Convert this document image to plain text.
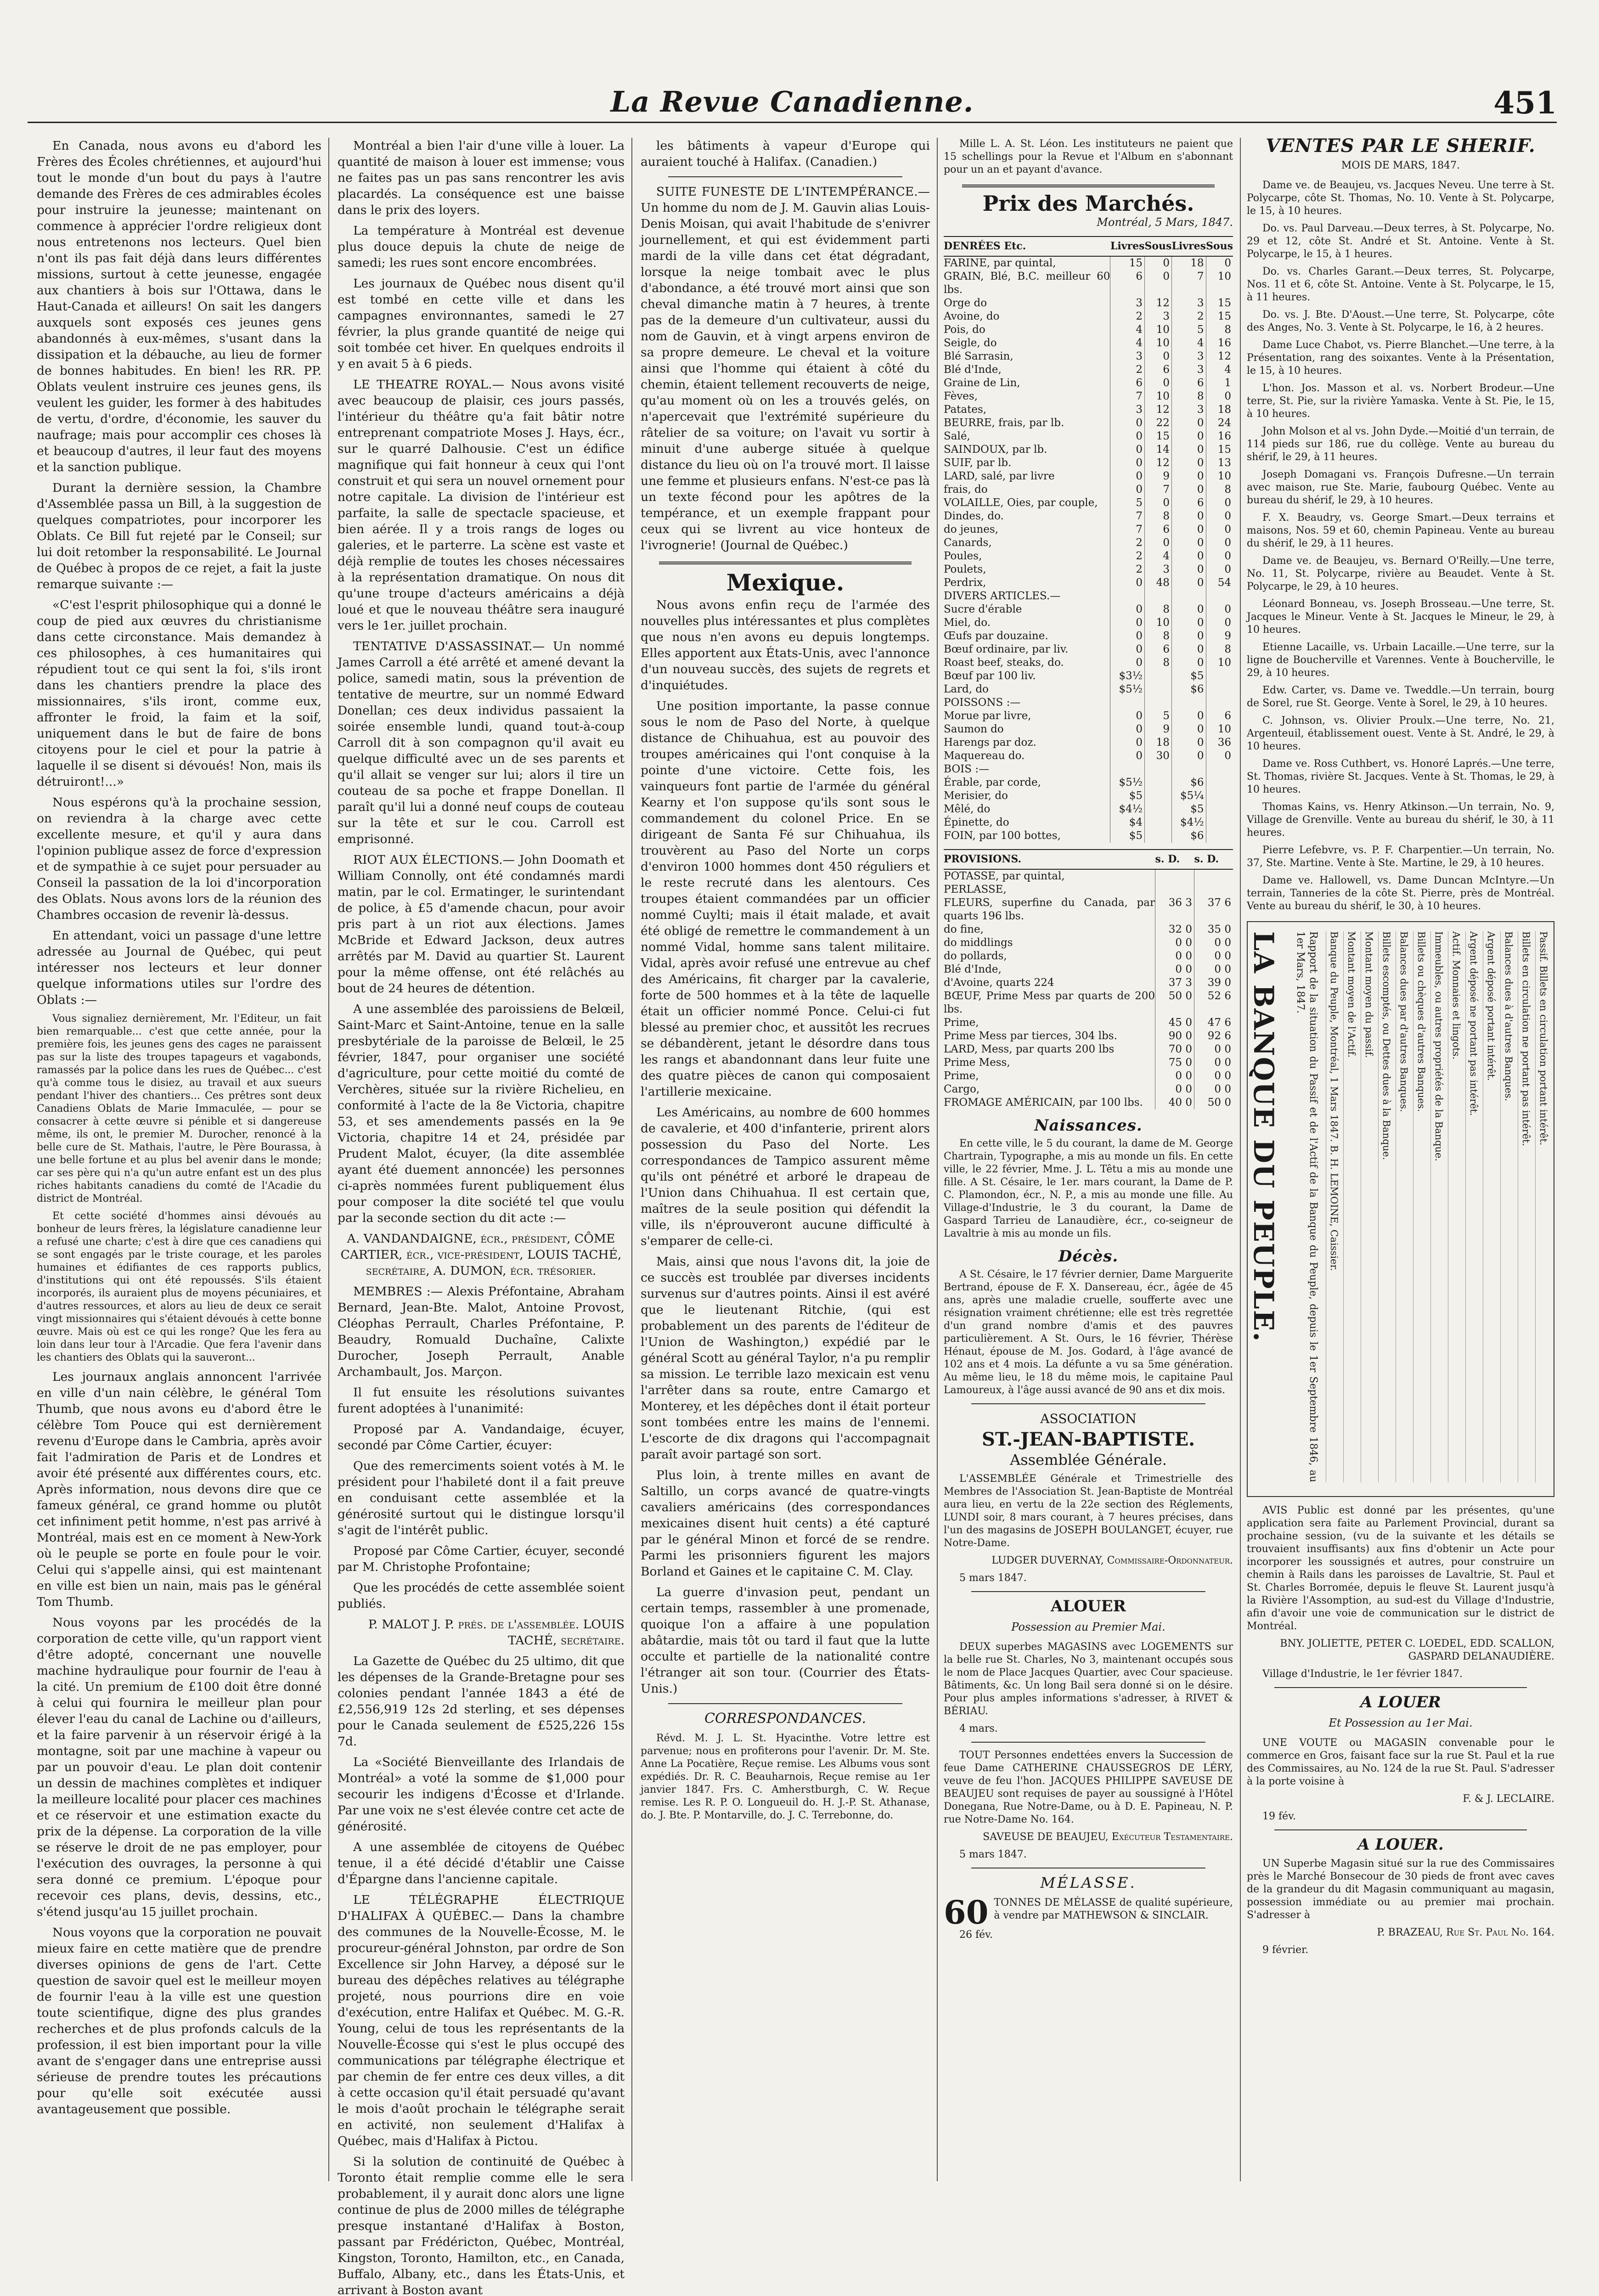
La Revue Canadienne.	451

En Canada, nous avons eu d'abord les Frères des Écoles chrétiennes, et aujourd'hui tout le monde d'un bout du pays à l'autre demande des Frères de ces admirables écoles pour instruire la jeunesse; maintenant on commence à apprécier l'ordre religieux dont nous entretenons nos lecteurs. Quel bien n'ont ils pas fait déjà dans leurs différentes missions, surtout à cette jeunesse, engagée aux chantiers à bois sur l'Ottawa, dans le Haut-Canada et ailleurs! On sait les dangers auxquels sont exposés ces jeunes gens abandonnés à eux-mêmes, s'usant dans la dissipation et la débauche, au lieu de former de bonnes habitudes. En bien! les RR. PP. Oblats veulent instruire ces jeunes gens, ils veulent les guider, les former à des habitudes de vertu, d'ordre, d'économie, les sauver du naufrage; mais pour accomplir ces choses là et beaucoup d'autres, il leur faut des moyens et la sanction publique.

Durant la dernière session, la Chambre d'Assemblée passa un Bill, à la suggestion de quelques compatriotes, pour incorporer les Oblats. Ce Bill fut rejeté par le Conseil; sur lui doit retomber la responsabilité. Le Journal de Québec à propos de ce rejet, a fait la juste remarque suivante :—

«C'est l'esprit philosophique qui a donné le coup de pied aux œuvres du christianisme dans cette circonstance. Mais demandez à ces philosophes, à ces humanitaires qui répudient tout ce qui sent la foi, s'ils iront dans les chantiers prendre la place des missionnaires, s'ils iront, comme eux, affronter le froid, la faim et la soif, uniquement dans le but de faire de bons citoyens pour le ciel et pour la patrie à laquelle il se disent si dévoués! Non, mais ils détruiront!...»

Nous espérons qu'à la prochaine session, on reviendra à la charge avec cette excellente mesure, et qu'il y aura dans l'opinion publique assez de force d'expression et de sympathie à ce sujet pour persuader au Conseil la passation de la loi d'incorporation des Oblats. Nous avons lors de la réunion des Chambres occasion de revenir là-dessus.

En attendant, voici un passage d'une lettre adressée au Journal de Québec, qui peut intéresser nos lecteurs et leur donner quelque informations utiles sur l'ordre des Oblats :—

Vous signaliez dernièrement, Mr. l'Editeur, un fait bien remarquable... c'est que cette année, pour la première fois, les jeunes gens des cages ne paraissent pas sur la liste des troupes tapageurs et vagabonds, ramassés par la police dans les rues de Québec... c'est qu'à comme tous le disiez, au travail et aux sueurs pendant l'hiver des chantiers... Ces prêtres sont deux Canadiens Oblats de Marie Immaculée, — pour se consacrer à cette œuvre si pénible et si dangereuse même, ils ont, le premier M. Durocher, renoncé à la belle cure de St. Mathais, l'autre, le Père Bourassa, à une belle fortune et au plus bel avenir dans le monde; car ses père qui n'a qu'un autre enfant est un des plus riches habitants canadiens du comté de l'Acadie du district de Montréal.

Et cette société d'hommes ainsi dévoués au bonheur de leurs frères, la législature canadienne leur a refusé une charte; c'est à dire que ces canadiens qui se sont engagés par le triste courage, et les paroles humaines et édifiantes de ces rapports publics, d'institutions qui ont été repoussés. S'ils étaient incorporés, ils auraient plus de moyens pécuniaires, et d'autres ressources, et alors au lieu de deux ce serait vingt missionnaires qui s'étaient dévoués à cette bonne œuvre. Mais où est ce qui les ronge? Que les fera au loin dans leur tour à l'Arcadie. Que fera l'avenir dans les chantiers des Oblats qui la sauveront...

Les journaux anglais annoncent l'arrivée en ville d'un nain célèbre, le général Tom Thumb, que nous avons eu d'abord être le célèbre Tom Pouce qui est dernièrement revenu d'Europe dans le Cambria, après avoir fait l'admiration de Paris et de Londres et avoir été présenté aux différentes cours, etc. Après information, nous devons dire que ce fameux général, ce grand homme ou plutôt cet infiniment petit homme, n'est pas arrivé à Montréal, mais est en ce moment à New-York où le peuple se porte en foule pour le voir. Celui qui s'appelle ainsi, qui est maintenant en ville est bien un nain, mais pas le général Tom Thumb.

Nous voyons par les procédés de la corporation de cette ville, qu'un rapport vient d'être adopté, concernant une nouvelle machine hydraulique pour fournir de l'eau à la cité. Un premium de £100 doit être donné à celui qui fournira le meilleur plan pour élever l'eau du canal de Lachine ou d'ailleurs, et la faire parvenir à un réservoir érigé à la montagne, soit par une machine à vapeur ou par un pouvoir d'eau. Le plan doit contenir un dessin de machines complètes et indiquer la meilleure localité pour placer ces machines et ce réservoir et une estimation exacte du prix de la dépense. La corporation de la ville se réserve le droit de ne pas employer, pour l'exécution des ouvrages, la personne à qui sera donné ce premium. L'époque pour recevoir ces plans, devis, dessins, etc., s'étend jusqu'au 15 juillet prochain.

Nous voyons que la corporation ne pouvait mieux faire en cette matière que de prendre diverses opinions de gens de l'art. Cette question de savoir quel est le meilleur moyen de fournir l'eau à la ville est une question toute scientifique, digne des plus grandes recherches et de plus profonds calculs de la profession, il est bien important pour la ville avant de s'engager dans une entreprise aussi sérieuse de prendre toutes les précautions pour qu'elle soit exécutée aussi avantageusement que possible.

Montréal a bien l'air d'une ville à louer. La quantité de maison à louer est immense; vous ne faites pas un pas sans rencontrer les avis placardés. La conséquence est une baisse dans le prix des loyers.

La température à Montréal est devenue plus douce depuis la chute de neige de samedi; les rues sont encore encombrées.

Les journaux de Québec nous disent qu'il est tombé en cette ville et dans les campagnes environnantes, samedi le 27 février, la plus grande quantité de neige qui soit tombée cet hiver. En quelques endroits il y en avait 5 à 6 pieds.

LE THEATRE ROYAL.— Nous avons visité avec beaucoup de plaisir, ces jours passés, l'intérieur du théâtre qu'a fait bâtir notre entreprenant compatriote Moses J. Hays, écr., sur le quarré Dalhousie. C'est un édifice magnifique qui fait honneur à ceux qui l'ont construit et qui sera un nouvel ornement pour notre capitale. La division de l'intérieur est parfaite, la salle de spectacle spacieuse, et bien aérée. Il y a trois rangs de loges ou galeries, et le parterre. La scène est vaste et déjà remplie de toutes les choses nécessaires à la représentation dramatique. On nous dit qu'une troupe d'acteurs américains a déjà loué et que le nouveau théâtre sera inauguré vers le 1er. juillet prochain.

TENTATIVE D'ASSASSINAT.— Un nommé James Carroll a été arrêté et amené devant la police, samedi matin, sous la prévention de tentative de meurtre, sur un nommé Edward Donellan; ces deux individus passaient la soirée ensemble lundi, quand tout-à-coup Carroll dit à son compagnon qu'il avait eu quelque difficulté avec un de ses parents et qu'il allait se venger sur lui; alors il tire un couteau de sa poche et frappe Donellan. Il paraît qu'il lui a donné neuf coups de couteau sur la tête et sur le cou. Carroll est emprisonné.

RIOT AUX ÉLECTIONS.— John Doomath et William Connolly, ont été condamnés mardi matin, par le col. Ermatinger, le surintendant de police, à £5 d'amende chacun, pour avoir pris part à un riot aux élections. James McBride et Edward Jackson, deux autres arrêtés par M. David au quartier St. Laurent pour la même offense, ont été relâchés au bout de 24 heures de détention.

A une assemblée des paroissiens de Belœil, Saint-Marc et Saint-Antoine, tenue en la salle presbytériale de la paroisse de Belœil, le 25 février, 1847, pour organiser une société d'agriculture, pour cette moitié du comté de Verchères, située sur la rivière Richelieu, en conformité à l'acte de la 8e Victoria, chapitre 53, et ses amendements passés en la 9e Victoria, chapitre 14 et 24, présidée par Prudent Malot, écuyer, (la dite assemblée ayant été duement annoncée) les personnes ci-après nommées furent publiquement élus pour composer la dite société tel que voulu par la seconde section du dit acte :—

A. VANDANDAIGNE, écr., président, CÔME CARTIER, écr., vice-président, LOUIS TACHÉ, secrétaire, A. DUMON, écr. trésorier.

MEMBRES :— Alexis Préfontaine, Abraham Bernard, Jean-Bte. Malot, Antoine Provost, Cléophas Perrault, Charles Préfontaine, P. Beaudry, Romuald Duchaîne, Calixte Durocher, Joseph Perrault, Anable Archambault, Jos. Marçon.

Il fut ensuite les résolutions suivantes furent adoptées à l'unanimité:

Proposé par A. Vandandaige, écuyer, secondé par Côme Cartier, écuyer:

Que des remerciments soient votés à M. le président pour l'habileté dont il a fait preuve en conduisant cette assemblée et la générosité surtout qui le distingue lorsqu'il s'agit de l'intérêt public.

Proposé par Côme Cartier, écuyer, secondé par M. Christophe Profontaine;

Que les procédés de cette assemblée soient publiés.

P. MALOT J. P. prés. de l'assemblée. LOUIS TACHÉ, secrétaire.

La Gazette de Québec du 25 ultimo, dit que les dépenses de la Grande-Bretagne pour ses colonies pendant l'année 1843 a été de £2,556,919 12s 2d sterling, et ses dépenses pour le Canada seulement de £525,226 15s 7d.

La «Société Bienveillante des Irlandais de Montréal» a voté la somme de $1,000 pour secourir les indigens d'Écosse et d'Irlande. Par une voix ne s'est élevée contre cet acte de générosité.

A une assemblée de citoyens de Québec tenue, il a été décidé d'établir une Caisse d'Épargne dans l'ancienne capitale.

LE TÉLÉGRAPHE ÉLECTRIQUE D'HALIFAX À QUÉBEC.— Dans la chambre des communes de la Nouvelle-Écosse, M. le procureur-général Johnston, par ordre de Son Excellence sir John Harvey, a déposé sur le bureau des dépêches relatives au télégraphe projeté, nous pourrions dire en voie d'exécution, entre Halifax et Québec. M. G.-R. Young, celui de tous les représentants de la Nouvelle-Écosse qui s'est le plus occupé des communications par télégraphe électrique et par chemin de fer entre ces deux villes, a dit à cette occasion qu'il était persuadé qu'avant le mois d'août prochain le télégraphe serait en activité, non seulement d'Halifax à Québec, mais d'Halifax à Pictou.

Si la solution de continuité de Québec à Toronto était remplie comme elle le sera probablement, il y aurait donc alors une ligne continue de plus de 2000 milles de télégraphe presque instantané d'Halifax à Boston, passant par Frédéricton, Québec, Montréal, Kingston, Toronto, Hamilton, etc., en Canada, Buffalo, Albany, etc., dans les États-Unis, et arrivant à Boston avant

les bâtiments à vapeur d'Europe qui auraient touché à Halifax. (Canadien.)

SUITE FUNESTE DE L'INTEMPÉRANCE.— Un homme du nom de J. M. Gauvin alias Louis-Denis Moisan, qui avait l'habitude de s'enivrer journellement, et qui est évidemment parti mardi de la ville dans cet état dégradant, lorsque la neige tombait avec le plus d'abondance, a été trouvé mort ainsi que son cheval dimanche matin à 7 heures, à trente pas de la demeure d'un cultivateur, aussi du nom de Gauvin, et à vingt arpens environ de sa propre demeure. Le cheval et la voiture ainsi que l'homme qui étaient à côté du chemin, étaient tellement recouverts de neige, qu'au moment où on les a trouvés gelés, on n'apercevait que l'extrémité supérieure du râtelier de sa voiture; on l'avait vu sortir à minuit d'une auberge située à quelque distance du lieu où on l'a trouvé mort. Il laisse une femme et plusieurs enfans. N'est-ce pas là un texte fécond pour les apôtres de la tempérance, et un exemple frappant pour ceux qui se livrent au vice honteux de l'ivrognerie! (Journal de Québec.)

Mexique.

Nous avons enfin reçu de l'armée des nouvelles plus intéressantes et plus complètes que nous n'en avons eu depuis longtemps. Elles apportent aux États-Unis, avec l'annonce d'un nouveau succès, des sujets de regrets et d'inquiétudes.

Une position importante, la passe connue sous le nom de Paso del Norte, à quelque distance de Chihuahua, est au pouvoir des troupes américaines qui l'ont conquise à la pointe d'une victoire. Cette fois, les vainqueurs font partie de l'armée du général Kearny et l'on suppose qu'ils sont sous le commandement du colonel Price. En se dirigeant de Santa Fé sur Chihuahua, ils trouvèrent au Paso del Norte un corps d'environ 1000 hommes dont 450 réguliers et le reste recruté dans les alentours. Ces troupes étaient commandées par un officier nommé Cuylti; mais il était malade, et avait été obligé de remettre le commandement à un nommé Vidal, homme sans talent militaire. Vidal, après avoir refusé une entrevue au chef des Américains, fit charger par la cavalerie, forte de 500 hommes et à la tête de laquelle était un officier nommé Ponce. Celui-ci fut blessé au premier choc, et aussitôt les recrues se débandèrent, jetant le désordre dans tous les rangs et abandonnant dans leur fuite une des quatre pièces de canon qui composaient l'artillerie mexicaine.

Les Américains, au nombre de 600 hommes de cavalerie, et 400 d'infanterie, prirent alors possession du Paso del Norte. Les correspondances de Tampico assurent même qu'ils ont pénétré et arboré le drapeau de l'Union dans Chihuahua. Il est certain que, maîtres de la seule position qui défendit la ville, ils n'éprouveront aucune difficulté à s'emparer de celle-ci.

Mais, ainsi que nous l'avons dit, la joie de ce succès est troublée par diverses incidents survenus sur d'autres points. Ainsi il est avéré que le lieutenant Ritchie, (qui est probablement un des parents de l'éditeur de l'Union de Washington,) expédié par le général Scott au général Taylor, n'a pu remplir sa mission. Le terrible lazo mexicain est venu l'arrêter dans sa route, entre Camargo et Monterey, et les dépêches dont il était porteur sont tombées entre les mains de l'ennemi. L'escorte de dix dragons qui l'accompagnait paraît avoir partagé son sort.

Plus loin, à trente milles en avant de Saltillo, un corps avancé de quatre-vingts cavaliers américains (des correspondances mexicaines disent huit cents) a été capturé par le général Minon et forcé de se rendre. Parmi les prisonniers figurent les majors Borland et Gaines et le capitaine C. M. Clay.

La guerre d'invasion peut, pendant un certain temps, rassembler à une promenade, quoique l'on a affaire à une population abâtardie, mais tôt ou tard il faut que la lutte occulte et partielle de la nationalité contre l'étranger ait son tour. (Courrier des États-Unis.)

CORRESPONDANCES.

Révd. M. J. L. St. Hyacinthe. Votre lettre est parvenue; nous en profiterons pour l'avenir. Dr. M. Ste. Anne La Pocatière, Reçue remise. Les Albums vous sont expédiés. Dr. R. C. Beauharnois, Reçue remise au 1er janvier 1847. Frs. C. Amherstburgh, C. W. Reçue remise. Les R. P. O. Longueuil do. H. J.-P. St. Athanase, do. J. Bte. P. Montarville, do. J. C. Terrebonne, do.

Mille L. A. St. Léon. Les instituteurs ne paient que 15 schellings pour la Revue et l'Album en s'abonnant pour un an et payant d'avance.

Prix des Marchés.
Montréal, 5 Mars, 1847.
DENRÉES Etc.	Livres	Sous	Livres	Sous
FARINE, par quintal,	15	0	18	0
GRAIN, Blé, B.C. meilleur 60 lbs.	6	0	7	10
Orge do	3	12	3	15
Avoine, do	2	3	2	15
Pois, do	4	10	5	8
Seigle, do	4	10	4	16
Blé Sarrasin,	3	0	3	12
Blé d'Inde,	2	6	3	4
Graine de Lin,	6	0	6	1
Fèves,	7	10	8	0
Patates,	3	12	3	18
BEURRE, frais, par lb.	0	22	0	24
Salé,	0	15	0	16
SAINDOUX, par lb.	0	14	0	15
SUIF, par lb.	0	12	0	13
LARD, salé, par livre	0	9	0	10
frais, do	0	7	0	8
VOLAILLE, Oies, par couple,	5	0	6	0
Dindes, do.	7	8	0	0
do jeunes,	7	6	0	0
Canards,	2	0	0	0
Poules,	2	4	0	0
Poulets,	2	3	0	0
Perdrix,	0	48	0	54
DIVERS ARTICLES.—				
Sucre d'érable	0	8	0	0
Miel, do.	0	10	0	0
Œufs par douzaine.	0	8	0	9
Bœuf ordinaire, par liv.	0	6	0	8
Roast beef, steaks, do.	0	8	0	10
Bœuf par 100 liv.	$3½		$5	
Lard, do	$5½		$6	
POISSONS :—				
Morue par livre,	0	5	0	6
Saumon do	0	9	0	10
Harengs par doz.	0	18	0	36
Maquereau do.	0	30	0	0
BOIS :—				
Érable, par corde,	$5½		$6	
Merisier, do	$5		$5¼	
Mêlé, do	$4½		$5	
Épinette, do	$4		$4½	
FOIN, par 100 bottes,	$5		$6	
PROVISIONS.	s. D.	s. D.
POTASSE, par quintal,		
PERLASSE,		
FLEURS, superfine du Canada, par quarts 196 lbs.	36 3	37 6
do fine,	32 0	35 0
do middlings	0 0	0 0
do pollards,	0 0	0 0
Blé d'Inde,	0 0	0 0
d'Avoine, quarts 224	37 3	39 0
BŒUF, Prime Mess par quarts de 200 lbs.	50 0	52 6
Prime,	45 0	47 6
Prime Mess par tierces, 304 lbs.	90 0	92 6
LARD, Mess, par quarts 200 lbs	70 0	0 0
Prime Mess,	75 0	0 0
Prime,	0 0	0 0
Cargo,	0 0	0 0
FROMAGE AMÉRICAIN, par 100 lbs.	40 0	50 0
Naissances.

En cette ville, le 5 du courant, la dame de M. George Chartrain, Typographe, a mis au monde un fils. En cette ville, le 22 février, Mme. J. L. Têtu a mis au monde une fille. A St. Césaire, le 1er. mars courant, la Dame de P. C. Plamondon, écr., N. P., a mis au monde une fille. Au Village-d'Industrie, le 3 du courant, la Dame de Gaspard Tarrieu de Lanaudière, écr., co-seigneur de Lavaltrie à mis au monde un fils.

Décès.

A St. Césaire, le 17 février dernier, Dame Marguerite Bertrand, épouse de F. X. Dansereau, écr., âgée de 45 ans, après une maladie cruelle, soufferte avec une résignation vraiment chrétienne; elle est très regrettée d'un grand nombre d'amis et des pauvres particulièrement. A St. Ours, le 16 février, Thérèse Hénaut, épouse de M. Jos. Godard, à l'âge avancé de 102 ans et 4 mois. La défunte a vu sa 5me génération. Au même lieu, le 18 du même mois, le capitaine Paul Lamoureux, à l'âge aussi avancé de 90 ans et dix mois.

ASSOCIATION
ST.-JEAN-BAPTISTE.
Assemblée Générale.

L'ASSEMBLÉE Générale et Trimestrielle des Membres de l'Association St. Jean-Baptiste de Montréal aura lieu, en vertu de la 22e section des Réglements, LUNDI soir, 8 mars courant, à 7 heures précises, dans l'un des magasins de JOSEPH BOULANGET, écuyer, rue Notre-Dame.

LUDGER DUVERNAY, Commissaire-Ordonnateur.

5 mars 1847.

ALOUER
Possession au Premier Mai.

DEUX superbes MAGASINS avec LOGEMENTS sur la belle rue St. Charles, No 3, maintenant occupés sous le nom de Place Jacques Quartier, avec Cour spacieuse. Bâtiments, &c. Un long Bail sera donné si on le désire. Pour plus amples informations s'adresser, à RIVET & BÉRIAU.

4 mars.

TOUT Personnes endettées envers la Succession de feue Dame CATHERINE CHAUSSEGROS DE LÉRY, veuve de feu l'hon. JACQUES PHILIPPE SAVEUSE DE BEAUJEU sont requises de payer au soussigné à l'Hôtel Donegana, Rue Notre-Dame, ou à D. E. Papineau, N. P. rue Notre-Dame No. 164.

SAVEUSE DE BEAUJEU, Exécuteur Testamentaire.

5 mars 1847.

MÉLASSE.
60 TONNES DE MÉLASSE de qualité supérieure, à vendre par MATHEWSON & SINCLAIR.

26 fév.

VENTES PAR LE SHERIF.
MOIS DE MARS, 1847.

Dame ve. de Beaujeu, vs. Jacques Neveu. Une terre à St. Polycarpe, côte St. Thomas, No. 10. Vente à St. Polycarpe, le 15, à 10 heures.

Do. vs. Paul Darveau.—Deux terres, à St. Polycarpe, No. 29 et 12, côte St. André et St. Antoine. Vente à St. Polycarpe, le 15, à 1 heures.

Do. vs. Charles Garant.—Deux terres, St. Polycarpe, Nos. 11 et 6, côte St. Antoine. Vente à St. Polycarpe, le 15, à 11 heures.

Do. vs. J. Bte. D'Aoust.—Une terre, St. Polycarpe, côte des Anges, No. 3. Vente à St. Polycarpe, le 16, à 2 heures.

Dame Luce Chabot, vs. Pierre Blanchet.—Une terre, à la Présentation, rang des soixantes. Vente à la Présentation, le 15, à 10 heures.

L'hon. Jos. Masson et al. vs. Norbert Brodeur.—Une terre, St. Pie, sur la rivière Yamaska. Vente à St. Pie, le 15, à 10 heures.

John Molson et al vs. John Dyde.—Moitié d'un terrain, de 114 pieds sur 186, rue du collège. Vente au bureau du shérif, le 29, à 11 heures.

Joseph Domagani vs. François Dufresne.—Un terrain avec maison, rue Ste. Marie, faubourg Québec. Vente au bureau du shérif, le 29, à 10 heures.

F. X. Beaudry, vs. George Smart.—Deux terrains et maisons, Nos. 59 et 60, chemin Papineau. Vente au bureau du shérif, le 29, à 11 heures.

Dame ve. de Beaujeu, vs. Bernard O'Reilly.—Une terre, No. 11, St. Polycarpe, rivière au Beaudet. Vente à St. Polycarpe, le 29, à 10 heures.

Léonard Bonneau, vs. Joseph Brosseau.—Une terre, St. Jacques le Mineur. Vente à St. Jacques le Mineur, le 29, à 10 heures.

Etienne Lacaille, vs. Urbain Lacaille.—Une terre, sur la ligne de Boucherville et Varennes. Vente à Boucherville, le 29, à 10 heures.

Edw. Carter, vs. Dame ve. Tweddle.—Un terrain, bourg de Sorel, rue St. George. Vente à Sorel, le 29, à 10 heures.

C. Johnson, vs. Olivier Proulx.—Une terre, No. 21, Argenteuil, établissement ouest. Vente à St. André, le 29, à 10 heures.

Dame ve. Ross Cuthbert, vs. Honoré Laprés.—Une terre, St. Thomas, rivière St. Jacques. Vente à St. Thomas, le 29, à 10 heures.

Thomas Kains, vs. Henry Atkinson.—Un terrain, No. 9, Village de Grenville. Vente au bureau du shérif, le 30, à 11 heures.

Pierre Lefebvre, vs. P. F. Charpentier.—Un terrain, No. 37, Ste. Martine. Vente à Ste. Martine, le 29, à 10 heures.

Dame ve. Hallowell, vs. Dame Duncan McIntyre.—Un terrain, Tanneries de la côte St. Pierre, près de Montréal. Vente au bureau du shérif, le 30, à 10 heures.

LA BANQUE DU PEUPLE.	Rapport de la situation du Passif et de l'Actif de la Banque du Peuple, depuis le 1er Septembre 1846, au 1er Mars, 1847.	Passif. Billets en circulation portant intérêt.
Billets en circulation ne portant pas intérêt.
Balances dues à d'autres Banques.
Argent déposé portant intérêt.
Argent déposé ne portant pas intérêt.
Actif. Monnaies et lingots.
Immeubles, ou autres propriétés de la Banque.
Billets ou chèques d'autres Banques.
Balances dues par d'autres Banques.
Billets escomptés, ou Dettes dues à la Banque.
Montant moyen du passif.
Montant moyen de l'Actif.
Banque du Peuple, Montréal, 1 Mars 1847. B. H. LEMOINE, Caissier.

AVIS Public est donné par les présentes, qu'une application sera faite au Parlement Provincial, durant sa prochaine session, (vu de la suivante et les détails se trouvaient insuffisants) aux fins d'obtenir un Acte pour incorporer les soussignés et autres, pour construire un chemin à Rails dans les paroisses de Lavaltrie, St. Paul et St. Charles Borromée, depuis le fleuve St. Laurent jusqu'à la Rivière l'Assomption, au sud-est du Village d'Industrie, afin d'avoir une voie de communication sur le district de Montréal.

BNY. JOLIETTE, PETER C. LOEDEL, EDD. SCALLON, GASPARD DELANAUDIÈRE.

Village d'Industrie, le 1er février 1847.

A LOUER
Et Possession au 1er Mai.

UNE VOUTE ou MAGASIN convenable pour le commerce en Gros, faisant face sur la rue St. Paul et la rue des Commissaires, au No. 124 de la rue St. Paul. S'adresser à la porte voisine à

F. & J. LECLAIRE.

19 fév.

A LOUER.

UN Superbe Magasin situé sur la rue des Commissaires près le Marché Bonsecour de 30 pieds de front avec caves de la grandeur du dit Magasin communiquant au magasin, possession immédiate ou au premier mai prochain. S'adresser à

P. BRAZEAU, Rue St. Paul No. 164.

9 février.
